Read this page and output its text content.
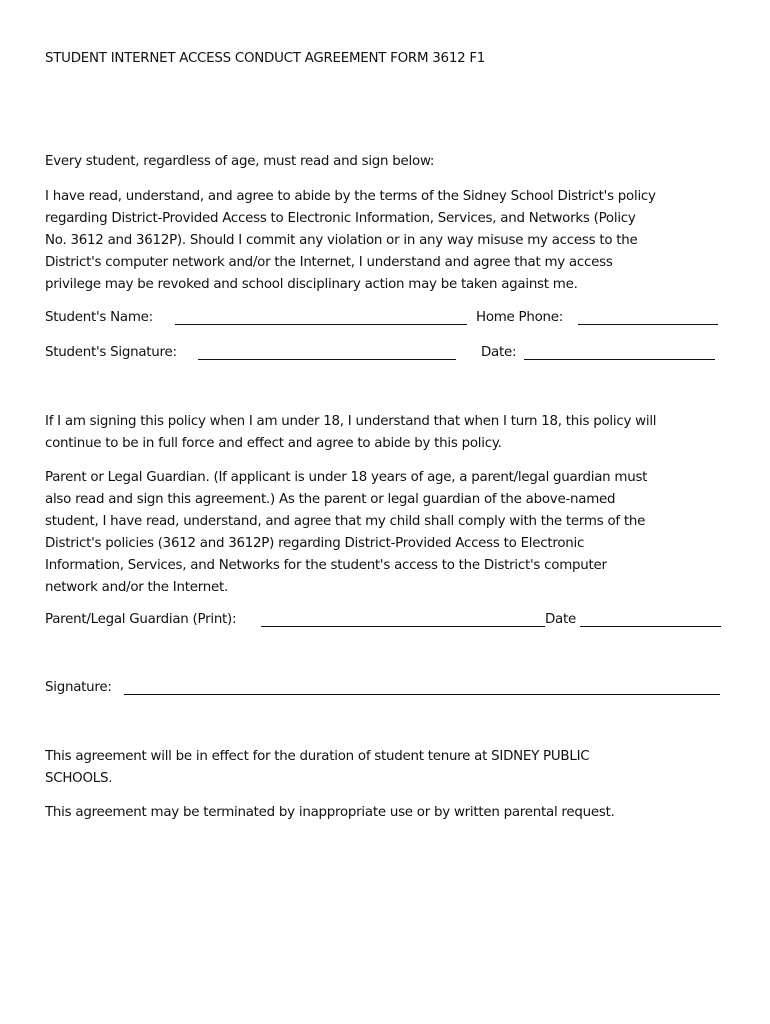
STUDENT INTERNET ACCESS CONDUCT AGREEMENT FORM 3612 F1
Every student, regardless of age, must read and sign below:
I have read, understand, and agree to abide by the terms of the Sidney School District's policy
regarding District-Provided Access to Electronic Information, Services, and Networks (Policy
No. 3612 and 3612P). Should I commit any violation or in any way misuse my access to the
District's computer network and/or the Internet, I understand and agree that my access
privilege may be revoked and school disciplinary action may be taken against me.
Student's Name:	Home Phone:
Student's Signature:	Date:
If I am signing this policy when I am under 18, I understand that when I turn 18, this policy will
continue to be in full force and effect and agree to abide by this policy.
Parent or Legal Guardian. (If applicant is under 18 years of age, a parent/legal guardian must
also read and sign this agreement.) As the parent or legal guardian of the above-named
student, I have read, understand, and agree that my child shall comply with the terms of the
District's policies (3612 and 3612P) regarding District-Provided Access to Electronic
Information, Services, and Networks for the student's access to the District's computer
network and/or the Internet.
Parent/Legal Guardian (Print):	Date
Signature:
This agreement will be in effect for the duration of student tenure at SIDNEY PUBLIC
SCHOOLS.
This agreement may be terminated by inappropriate use or by written parental request.
